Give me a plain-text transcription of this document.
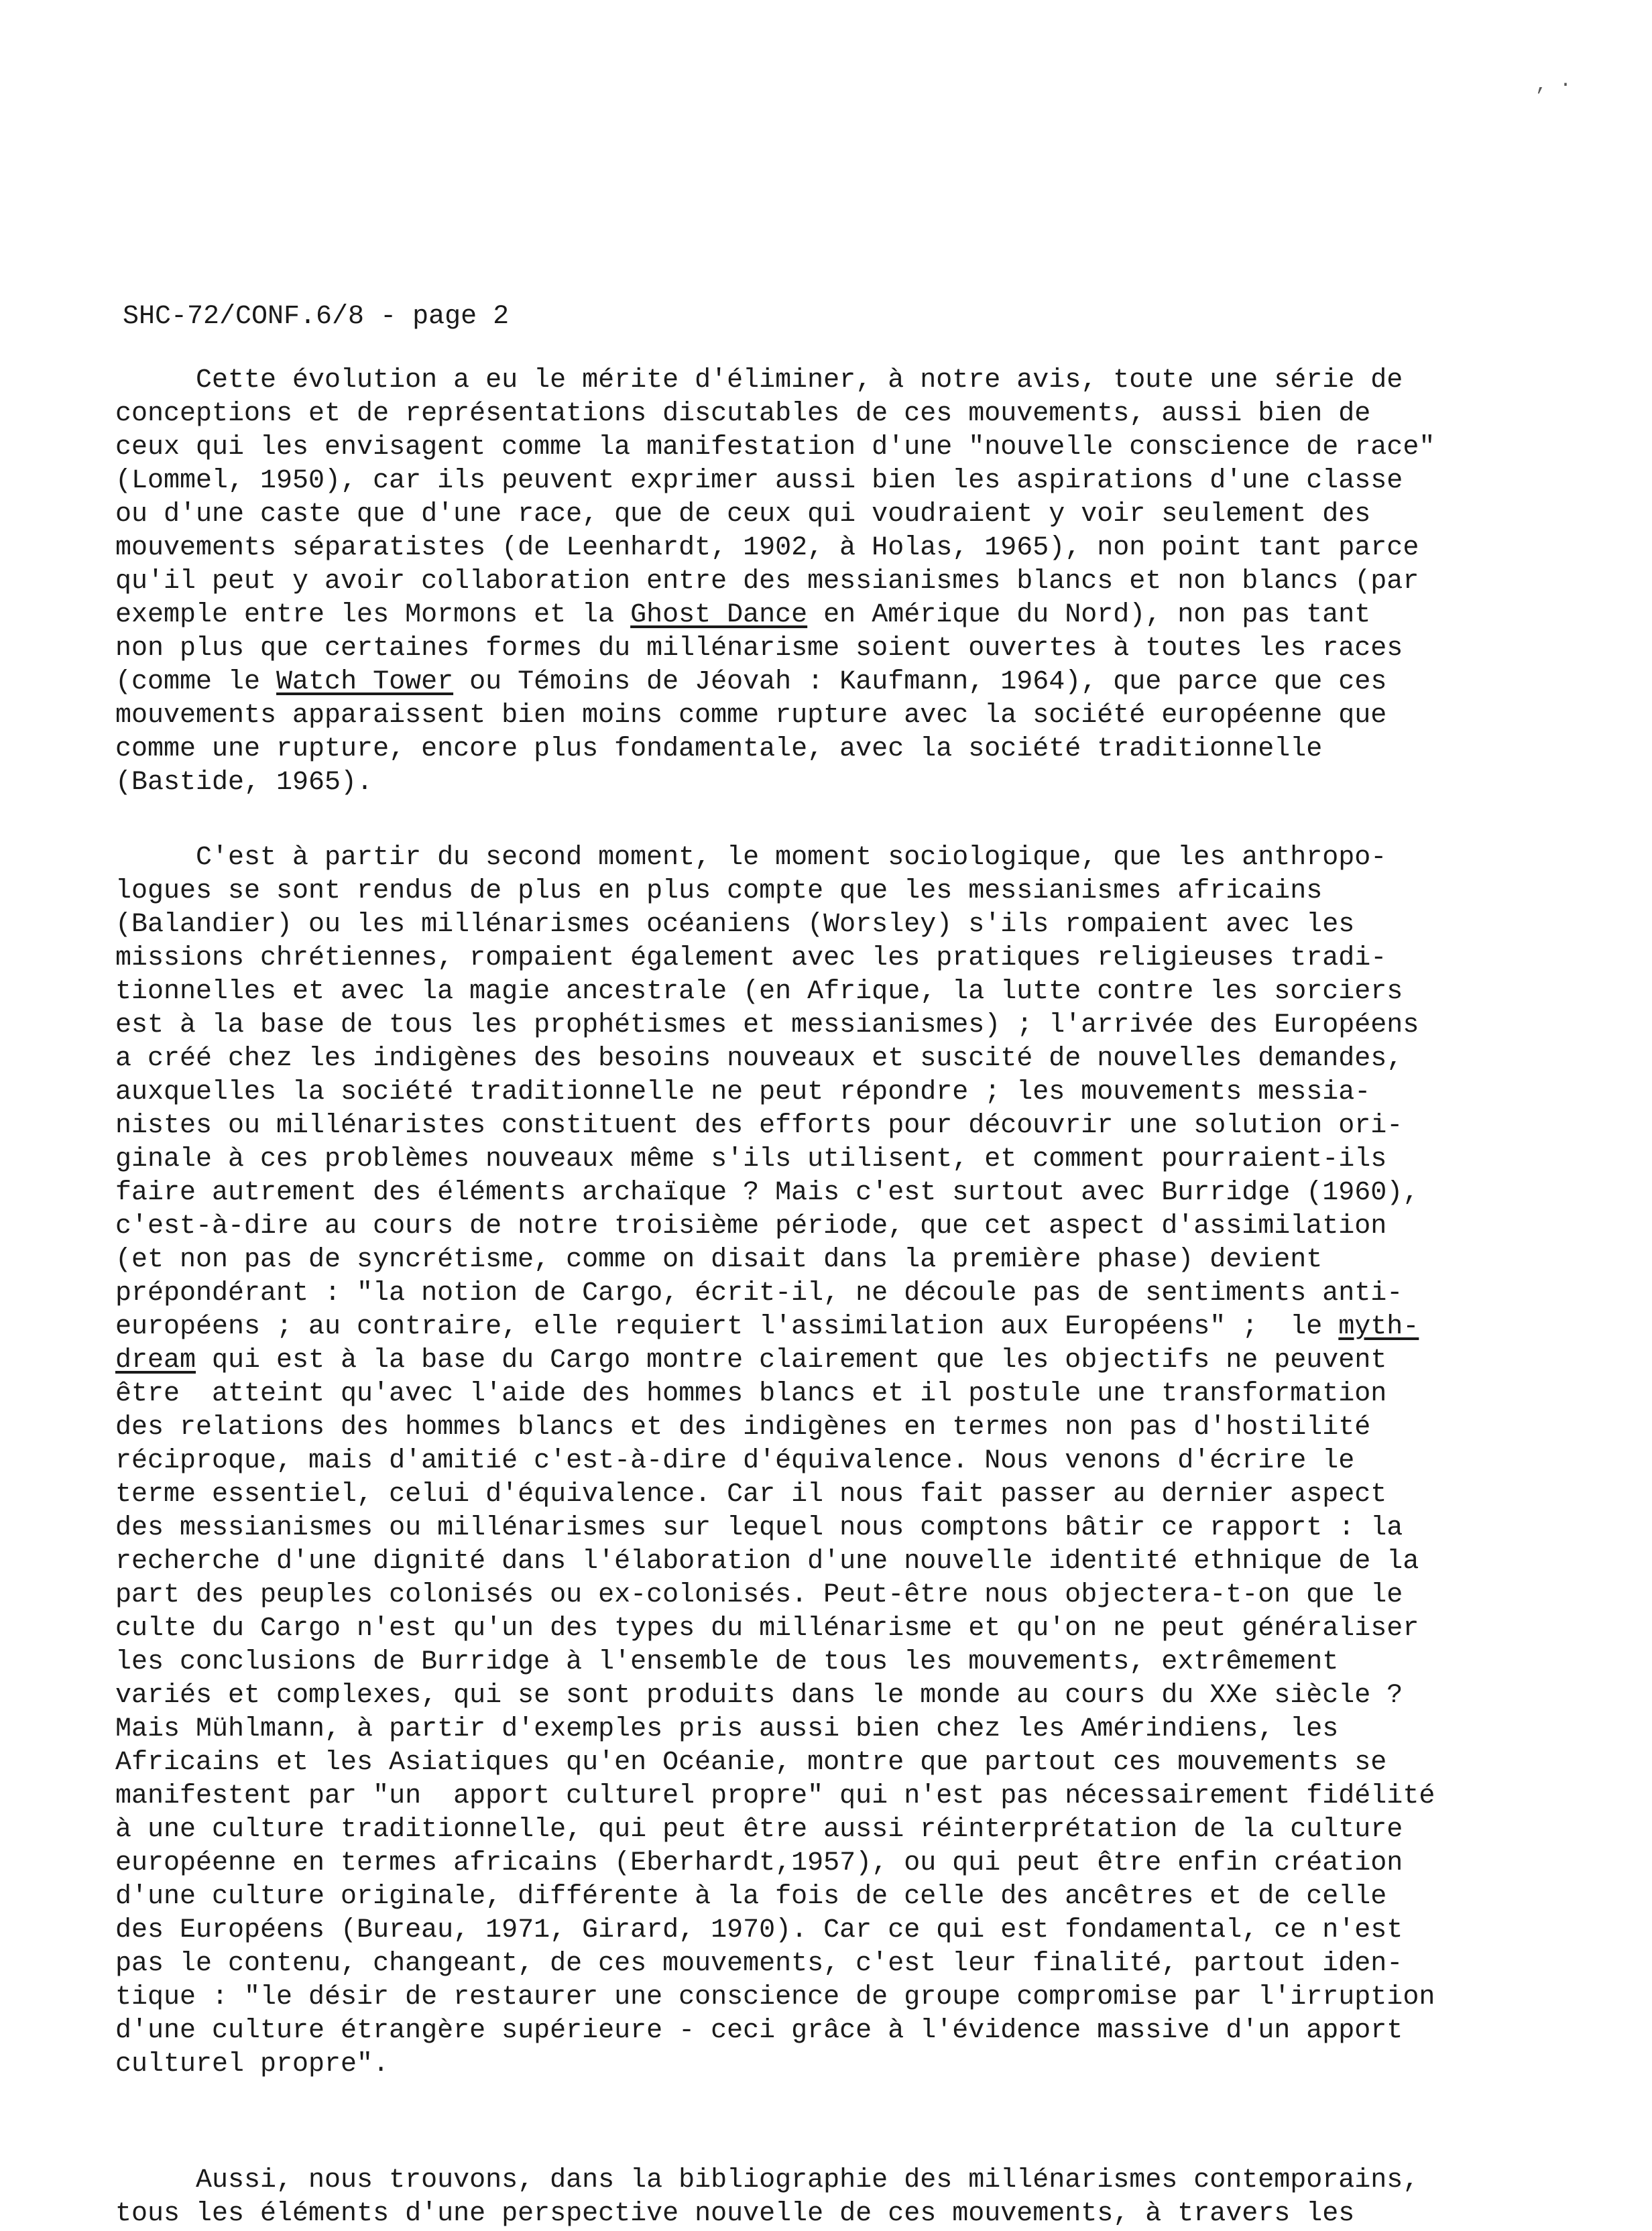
, ·
SHC-72/CONF.6/8 - page 2
Cette évolution a eu le mérite d'éliminer, à notre avis, toute une série de
conceptions et de représentations discutables de ces mouvements, aussi bien de
ceux qui les envisagent comme la manifestation d'une "nouvelle conscience de race"
(Lommel, 1950), car ils peuvent exprimer aussi bien les aspirations d'une classe
ou d'une caste que d'une race, que de ceux qui voudraient y voir seulement des
mouvements séparatistes (de Leenhardt, 1902, à Holas, 1965), non point tant parce
qu'il peut y avoir collaboration entre des messianismes blancs et non blancs (par
exemple entre les Mormons et la Ghost Dance en Amérique du Nord), non pas tant
non plus que certaines formes du millénarisme soient ouvertes à toutes les races
(comme le Watch Tower ou Témoins de Jéovah : Kaufmann, 1964), que parce que ces
mouvements apparaissent bien moins comme rupture avec la société européenne que
comme une rupture, encore plus fondamentale, avec la société traditionnelle
(Bastide, 1965).
C'est à partir du second moment, le moment sociologique, que les anthropo-
logues se sont rendus de plus en plus compte que les messianismes africains
(Balandier) ou les millénarismes océaniens (Worsley) s'ils rompaient avec les
missions chrétiennes, rompaient également avec les pratiques religieuses tradi-
tionnelles et avec la magie ancestrale (en Afrique, la lutte contre les sorciers
est à la base de tous les prophétismes et messianismes) ; l'arrivée des Européens
a créé chez les indigènes des besoins nouveaux et suscité de nouvelles demandes,
auxquelles la société traditionnelle ne peut répondre ; les mouvements messia-
nistes ou millénaristes constituent des efforts pour découvrir une solution ori-
ginale à ces problèmes nouveaux même s'ils utilisent, et comment pourraient-ils
faire autrement des éléments archaïque ? Mais c'est surtout avec Burridge (1960),
c'est-à-dire au cours de notre troisième période, que cet aspect d'assimilation
(et non pas de syncrétisme, comme on disait dans la première phase) devient
prépondérant : "la notion de Cargo, écrit-il, ne découle pas de sentiments anti-
européens ; au contraire, elle requiert l'assimilation aux Européens" ;  le myth-
dream qui est à la base du Cargo montre clairement que les objectifs ne peuvent
être  atteint qu'avec l'aide des hommes blancs et il postule une transformation
des relations des hommes blancs et des indigènes en termes non pas d'hostilité
réciproque, mais d'amitié c'est-à-dire d'équivalence. Nous venons d'écrire le
terme essentiel, celui d'équivalence. Car il nous fait passer au dernier aspect
des messianismes ou millénarismes sur lequel nous comptons bâtir ce rapport : la
recherche d'une dignité dans l'élaboration d'une nouvelle identité ethnique de la
part des peuples colonisés ou ex-colonisés. Peut-être nous objectera-t-on que le
culte du Cargo n'est qu'un des types du millénarisme et qu'on ne peut généraliser
les conclusions de Burridge à l'ensemble de tous les mouvements, extrêmement
variés et complexes, qui se sont produits dans le monde au cours du XXe siècle ?
Mais Mühlmann, à partir d'exemples pris aussi bien chez les Amérindiens, les
Africains et les Asiatiques qu'en Océanie, montre que partout ces mouvements se
manifestent par "un  apport culturel propre" qui n'est pas nécessairement fidélité
à une culture traditionnelle, qui peut être aussi réinterprétation de la culture
européenne en termes africains (Eberhardt,1957), ou qui peut être enfin création
d'une culture originale, différente à la fois de celle des ancêtres et de celle
des Européens (Bureau, 1971, Girard, 1970). Car ce qui est fondamental, ce n'est
pas le contenu, changeant, de ces mouvements, c'est leur finalité, partout iden-
tique : "le désir de restaurer une conscience de groupe compromise par l'irruption
d'une culture étrangère supérieure - ceci grâce à l'évidence massive d'un apport
culturel propre".
Aussi, nous trouvons, dans la bibliographie des millénarismes contemporains,
tous les éléments d'une perspective nouvelle de ces mouvements, à travers les
